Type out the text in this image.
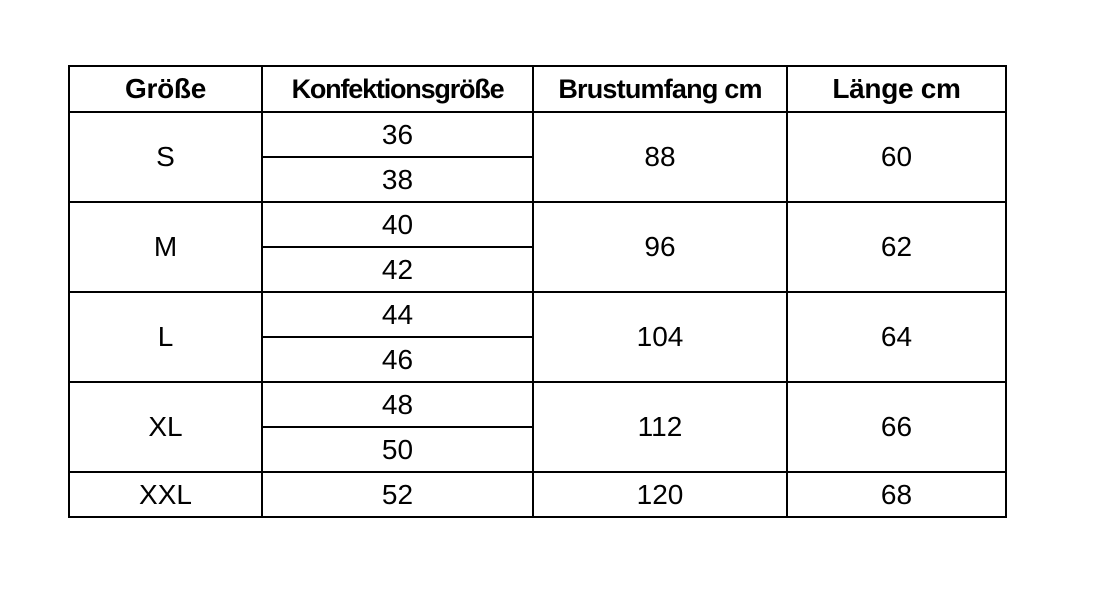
Größe	Konfektionsgröße	Brustumfang cm	Länge cm
S	36	88	60
	38		
M	40	96	62
	42		
L	44	104	64
	46		
XL	48	112	66
	50		
XXL	52	120	68
